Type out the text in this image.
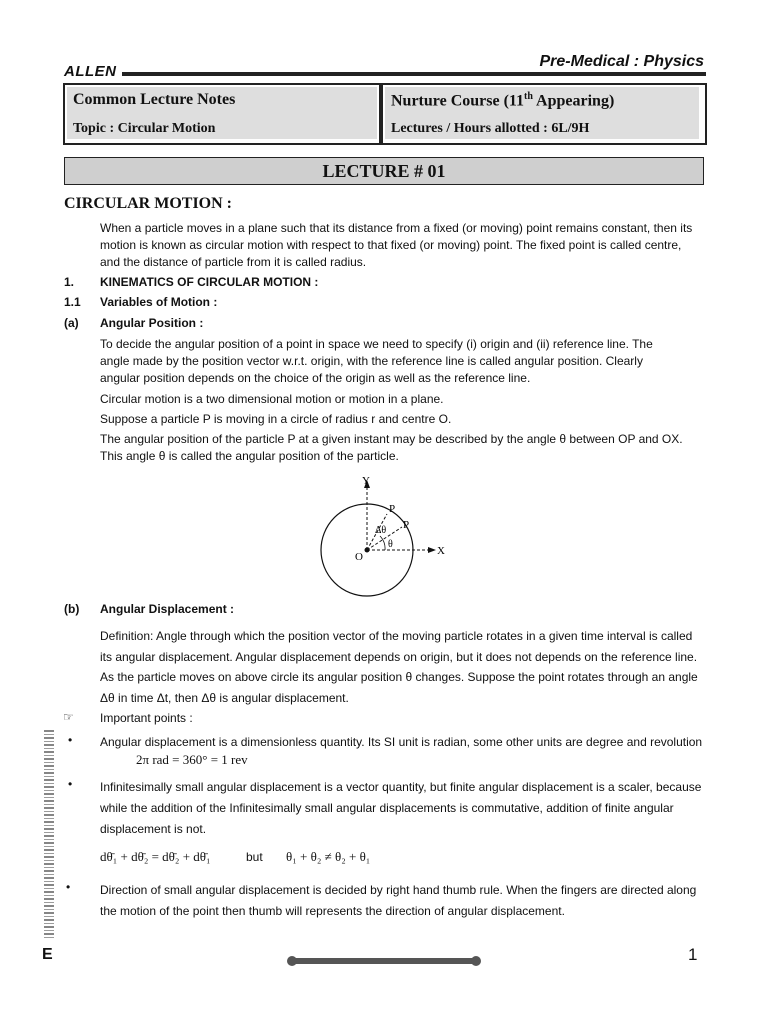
ALLEN
Pre-Medical : Physics
Common Lecture Notes
Topic : Circular Motion
Nurture Course (11th Appearing)
Lectures / Hours allotted : 6L/9H
LECTURE # 01
CIRCULAR MOTION :
When a particle moves in a plane such that its distance from a fixed (or moving) point remains constant, then its
motion is known as circular motion with respect to that fixed (or moving) point. The fixed point is called centre,
and the distance of particle from it is called radius.
1. KINEMATICS OF CIRCULAR MOTION :
1.1 Variables of Motion :
(a) Angular Position :
To decide the angular position of a point in space we need to specify (i) origin and (ii) reference line. The
angle made by the position vector w.r.t. origin, with the reference line is called angular position. Clearly
angular position depends on the choice of the origin as well as the reference line.
Circular motion is a two dimensional motion or motion in a plane.
Suppose a particle P is moving in a circle of radius r and centre O.
The angular position of the particle P at a given instant may be described by the angle θ between OP and OX.
This angle θ is called the angular position of the particle.
Y
X
O
P
P
Δθ
θ
(b) Angular Displacement :
Definition: Angle through which the position vector of the moving particle rotates in a given time interval is called
its angular displacement. Angular displacement depends on origin, but it does not depends on the reference line.
As the particle moves on above circle its angular position θ changes. Suppose the point rotates through an angle
Δθ in time Δt, then Δθ is angular displacement.
☞ Important points :
• Angular displacement is a dimensionless quantity. Its SI unit is radian, some other units are degree and revolution
2π rad = 360° = 1 rev
• Infinitesimally small angular displacement is a vector quantity, but finite angular displacement is a scaler, because
while the addition of the Infinitesimally small angular displacements is commutative, addition of finite angular
displacement is not.
dθ̄₁ + dθ̄₂ = dθ̄₂ + dθ̄₁	but θ₁ + θ₂ ≠ θ₂ + θ₁
• Direction of small angular displacement is decided by right hand thumb rule. When the fingers are directed along
the motion of the point then thumb will represents the direction of angular displacement.
E	1
